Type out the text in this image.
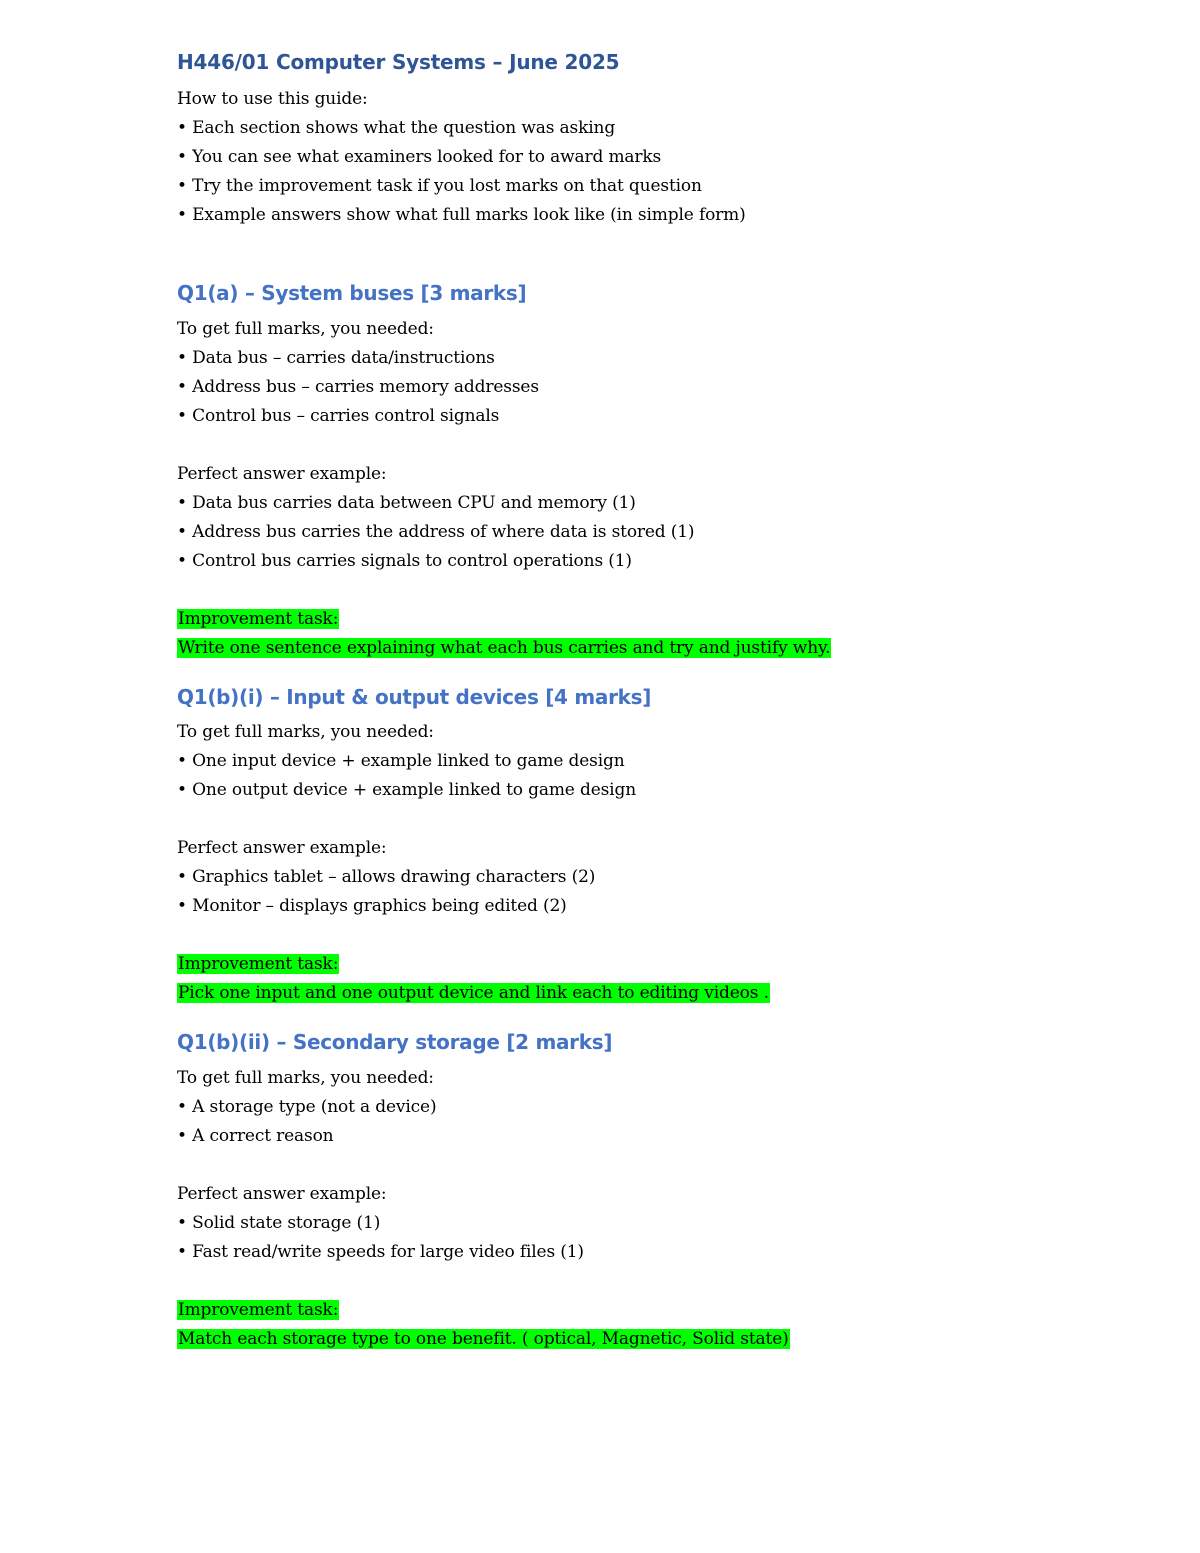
H446/01 Computer Systems – June 2025

How to use this guide:

• Each section shows what the question was asking

• You can see what examiners looked for to award marks

• Try the improvement task if you lost marks on that question

• Example answers show what full marks look like (in simple form)

Q1(a) – System buses [3 marks]

To get full marks, you needed:

• Data bus – carries data/instructions

• Address bus – carries memory addresses

• Control bus – carries control signals

Perfect answer example:

• Data bus carries data between CPU and memory (1)

• Address bus carries the address of where data is stored (1)

• Control bus carries signals to control operations (1)

Improvement task:

Write one sentence explaining what each bus carries and try and justify why.

Q1(b)(i) – Input & output devices [4 marks]

To get full marks, you needed:

• One input device + example linked to game design

• One output device + example linked to game design

Perfect answer example:

• Graphics tablet – allows drawing characters (2)

• Monitor – displays graphics being edited (2)

Improvement task:

Pick one input and one output device and link each to editing videos .

Q1(b)(ii) – Secondary storage [2 marks]

To get full marks, you needed:

• A storage type (not a device)

• A correct reason

Perfect answer example:

• Solid state storage (1)

• Fast read/write speeds for large video files (1)

Improvement task:

Match each storage type to one benefit. ( optical, Magnetic, Solid state)
